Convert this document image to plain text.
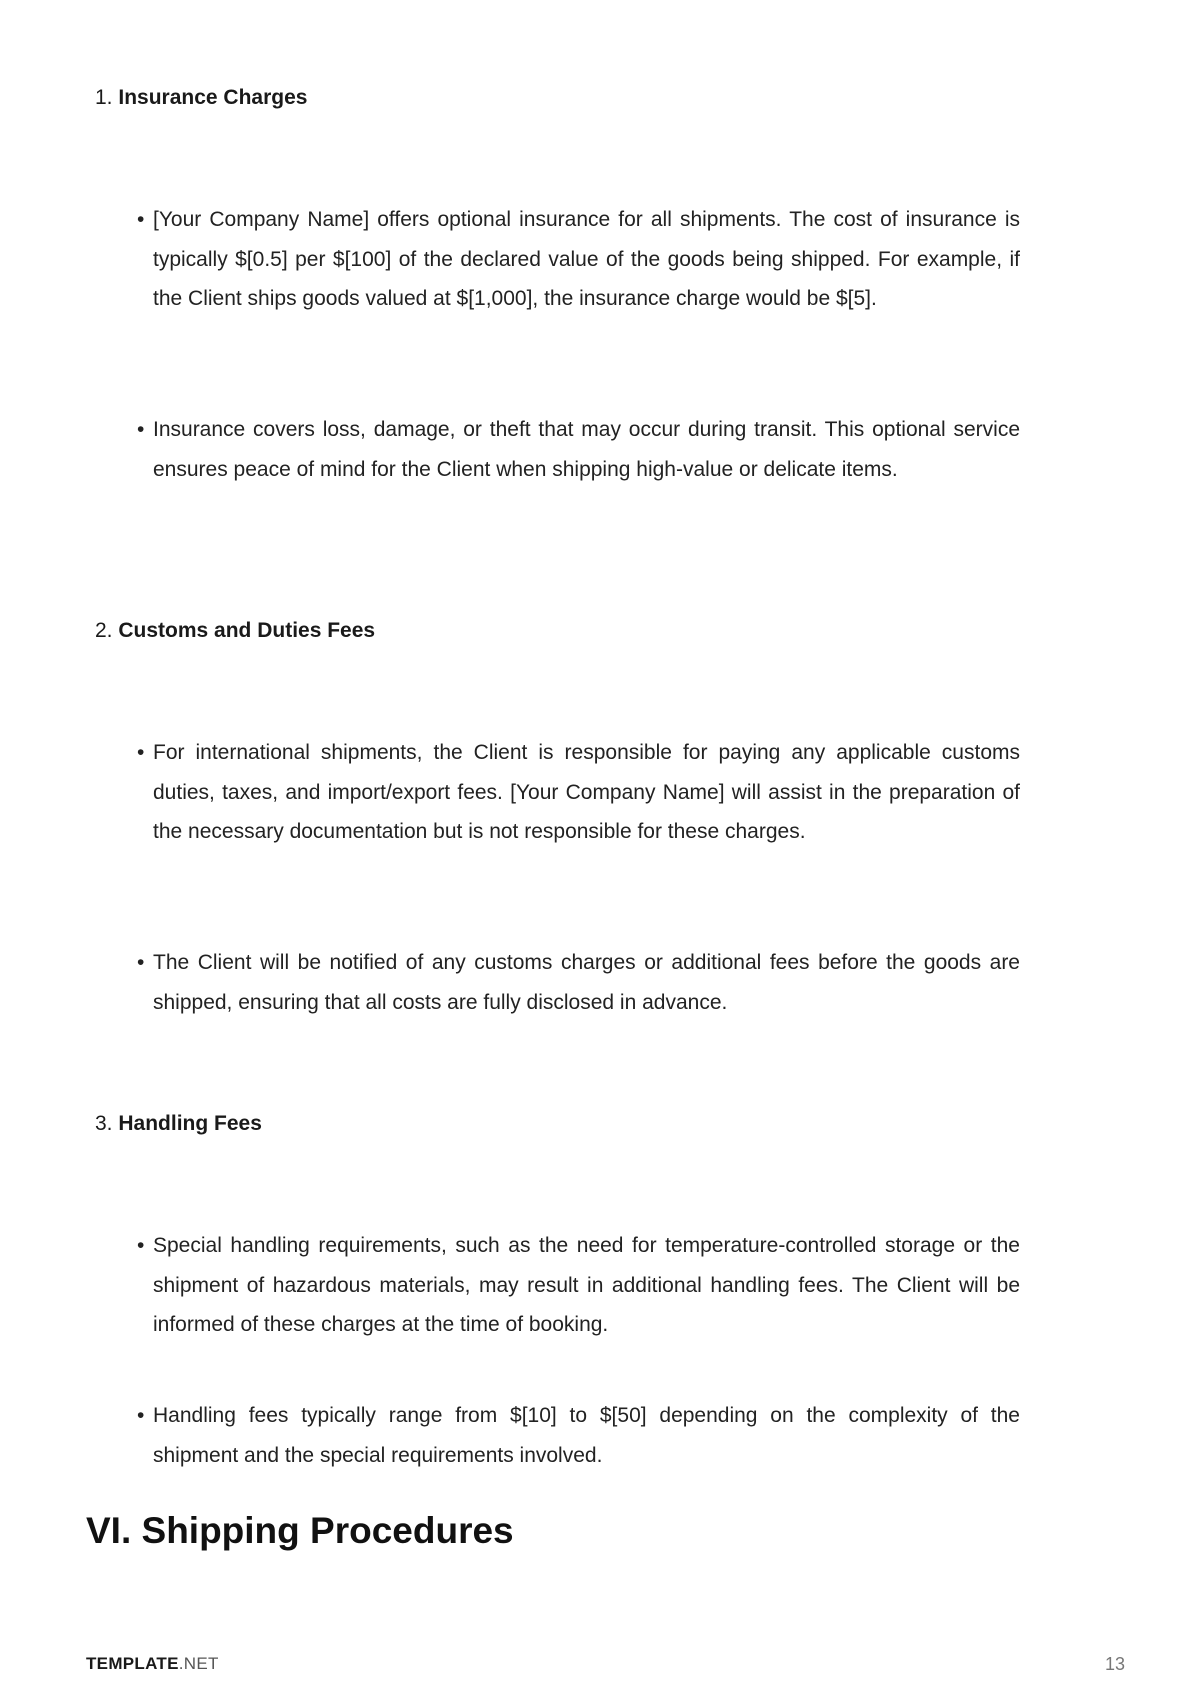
1. Insurance Charges
• [Your Company Name] offers optional insurance for all shipments. The cost of insurance is typically $[0.5] per $[100] of the declared value of the goods being shipped. For example, if the Client ships goods valued at $[1,000], the insurance charge would be $[5].
• Insurance covers loss, damage, or theft that may occur during transit. This optional service ensures peace of mind for the Client when shipping high-value or delicate items.
2. Customs and Duties Fees
• For international shipments, the Client is responsible for paying any applicable customs duties, taxes, and import/export fees. [Your Company Name] will assist in the preparation of the necessary documentation but is not responsible for these charges.
• The Client will be notified of any customs charges or additional fees before the goods are shipped, ensuring that all costs are fully disclosed in advance.
3. Handling Fees
• Special handling requirements, such as the need for temperature-controlled storage or the shipment of hazardous materials, may result in additional handling fees. The Client will be informed of these charges at the time of booking.
• Handling fees typically range from $[10] to $[50] depending on the complexity of the shipment and the special requirements involved.
VI. Shipping Procedures
TEMPLATE.NET	13
